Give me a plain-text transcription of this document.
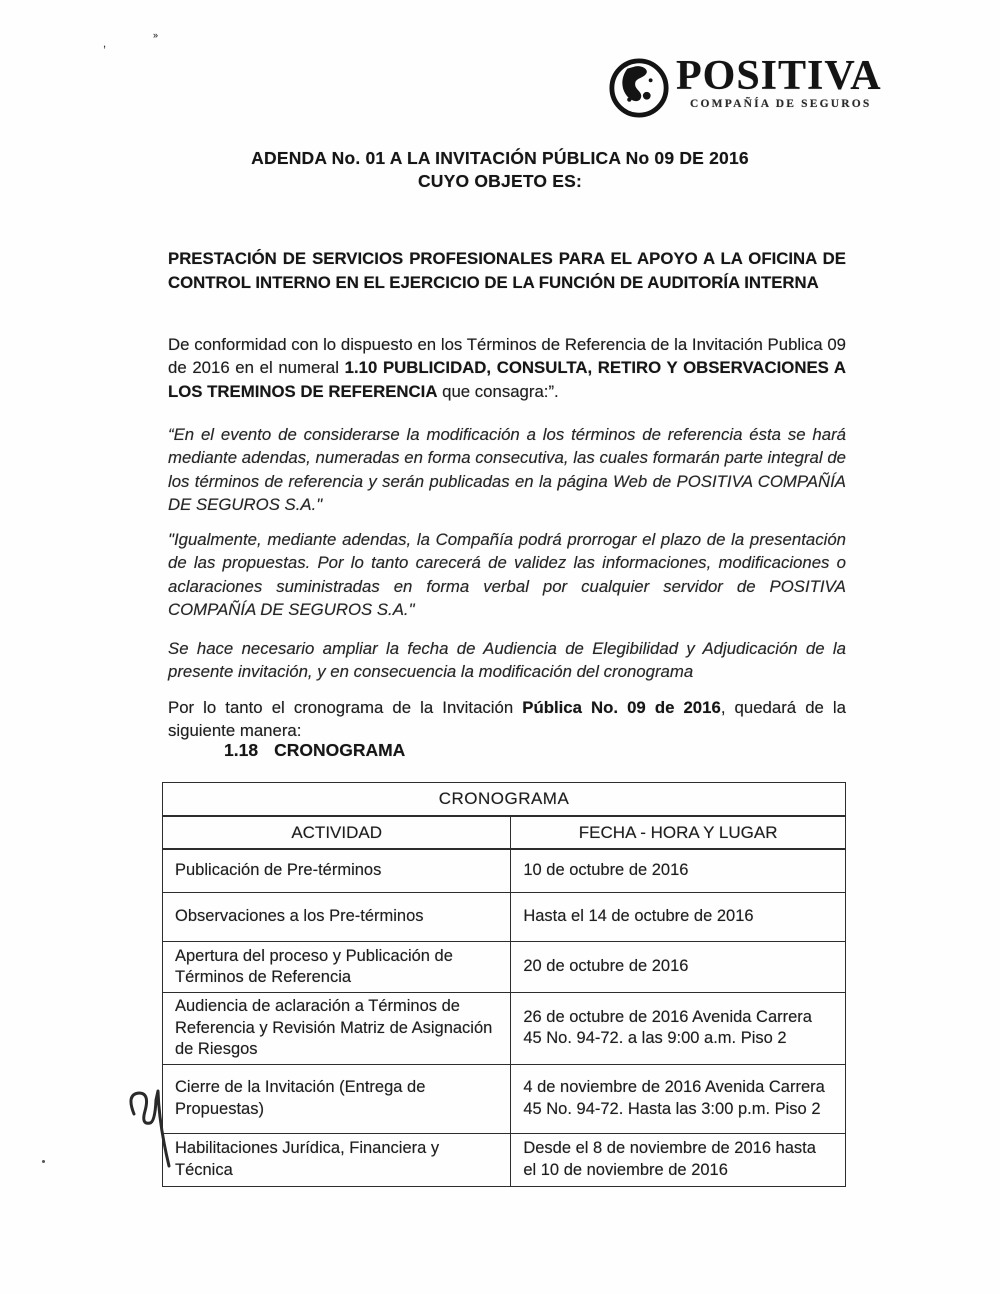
,
»
POSITIVA
COMPAÑÍA DE SEGUROS
ADENDA No. 01 A LA INVITACIÓN PÚBLICA No 09 DE 2016
CUYO OBJETO ES:

PRESTACIÓN DE SERVICIOS PROFESIONALES PARA EL APOYO A LA OFICINA DE CONTROL INTERNO EN EL EJERCICIO DE LA FUNCIÓN DE AUDITORÍA INTERNA

De conformidad con lo dispuesto en los Términos de Referencia de la Invitación Publica 09 de 2016 en el numeral 1.10 PUBLICIDAD, CONSULTA, RETIRO Y OBSERVACIONES A LOS TREMINOS DE REFERENCIA que consagra:”.

“En el evento de considerarse la modificación a los términos de referencia ésta se hará mediante adendas, numeradas en forma consecutiva, las cuales formarán parte integral de los términos de referencia y serán publicadas en la página Web de POSITIVA COMPAÑÍA DE SEGUROS S.A."

"Igualmente, mediante adendas, la Compañía podrá prorrogar el plazo de la presentación de las propuestas. Por lo tanto carecerá de validez las informaciones, modificaciones o aclaraciones suministradas en forma verbal por cualquier servidor de POSITIVA COMPAÑÍA DE SEGUROS S.A."

Se hace necesario ampliar la fecha de Audiencia de Elegibilidad y Adjudicación de la presente invitación, y en consecuencia la modificación del cronograma

Por lo tanto el cronograma de la Invitación Pública No. 09 de 2016, quedará de la siguiente manera:

1.18 CRONOGRAMA
CRONOGRAMA	
ACTIVIDAD	FECHA - HORA Y LUGAR
Publicación de Pre-términos	10 de octubre de 2016
Observaciones a los Pre-términos	Hasta el 14 de octubre de 2016
Apertura del proceso y Publicación de Términos de Referencia	20 de octubre de 2016
Audiencia de aclaración a Términos de Referencia y Revisión Matriz de Asignación de Riesgos	26 de octubre de 2016 Avenida Carrera 45 No. 94-72. a las 9:00 a.m. Piso 2
Cierre de la Invitación (Entrega de Propuestas)	4 de noviembre de 2016 Avenida Carrera 45 No. 94-72. Hasta las 3:00 p.m. Piso 2
Habilitaciones Jurídica, Financiera y Técnica	Desde el 8 de noviembre de 2016 hasta el 10 de noviembre de 2016
